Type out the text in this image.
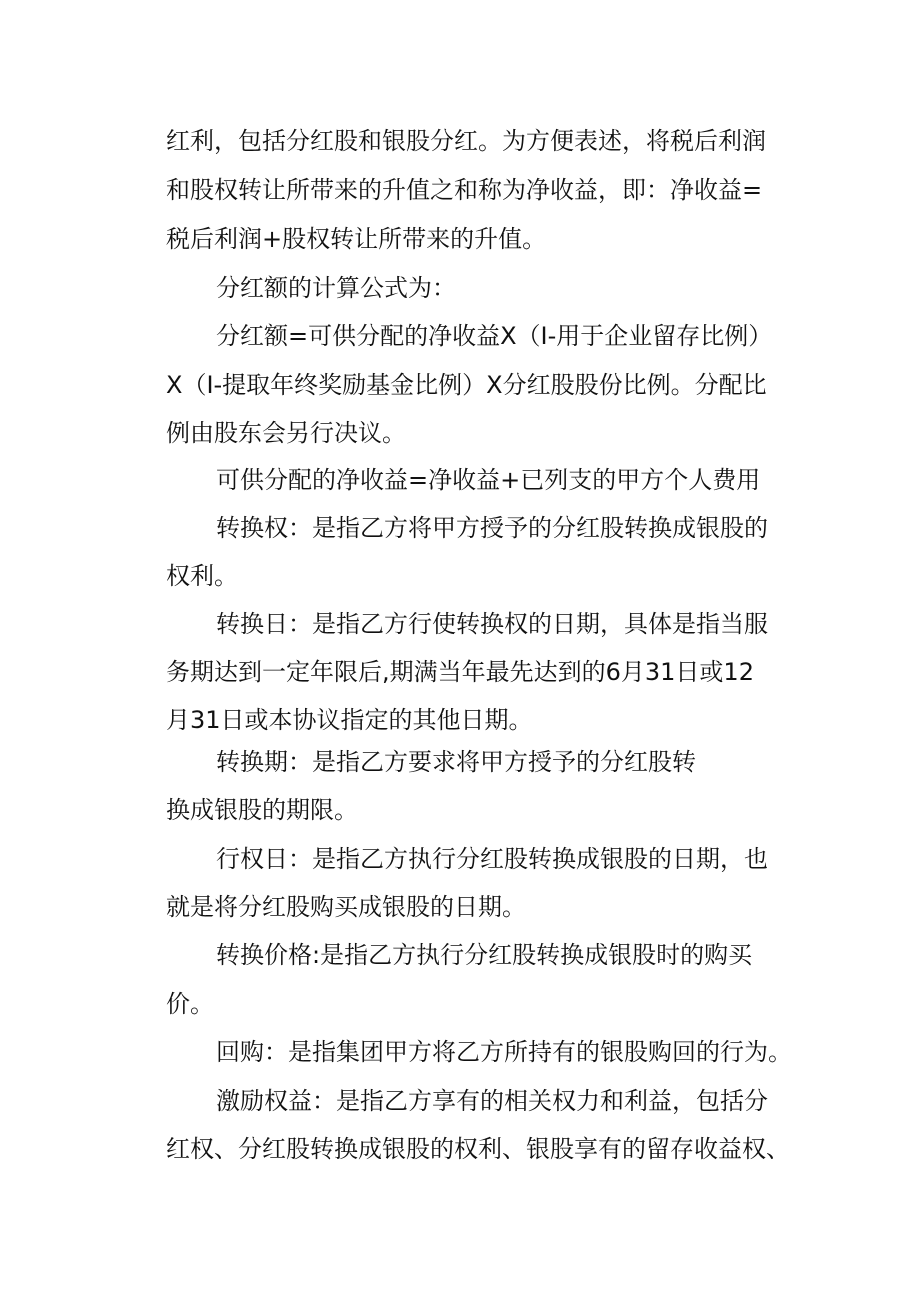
红利，包括分红股和银股分红。为方便表述，将税后利润
和股权转让所带来的升值之和称为净收益，即：净收益=
税后利润+股权转让所带来的升值。
分红额的计算公式为：
分红额=可供分配的净收益X（I-用于企业留存比例）
X（I-提取年终奖励基金比例）X分红股股份比例。分配比
例由股东会另行决议。
可供分配的净收益=净收益+已列支的甲方个人费用
转换权：是指乙方将甲方授予的分红股转换成银股的
权利。
转换日：是指乙方行使转换权的日期，具体是指当服
务期达到一定年限后,期满当年最先达到的6月31日或12
月31日或本协议指定的其他日期。
转换期：是指乙方要求将甲方授予的分红股转
换成银股的期限。
行权日：是指乙方执行分红股转换成银股的日期，也
就是将分红股购买成银股的日期。
转换价格:是指乙方执行分红股转换成银股时的购买
价。
回购：是指集团甲方将乙方所持有的银股购回的行为。
激励权益：是指乙方享有的相关权力和利益，包括分
红权、分红股转换成银股的权利、银股享有的留存收益权、
